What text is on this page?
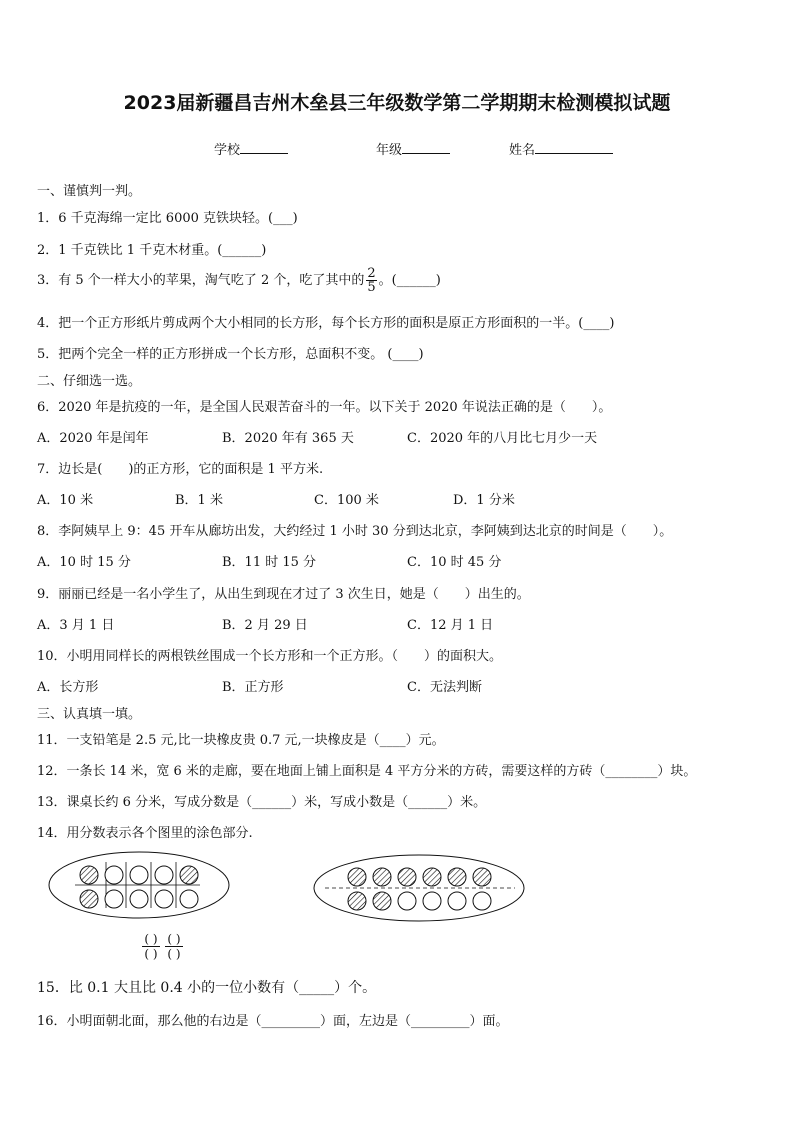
2023届新疆昌吉州木垒县三年级数学第二学期期末检测模拟试题
学校	年级	姓名
一、谨慎判一判。
1．6 千克海绵一定比 6000 克铁块轻。(___)
2．1 千克铁比 1 千克木材重。(______)
3．有 5 个一样大小的苹果，淘气吃了 2 个，吃了其中的 $\frac{2}{5}$ 。(______)
4．把一个正方形纸片剪成两个大小相同的长方形，每个长方形的面积是原正方形面积的一半。(____)
5．把两个完全一样的正方形拼成一个长方形，总面积不变。 (____)
二、仔细选一选。
6．2020 年是抗疫的一年，是全国人民艰苦奋斗的一年。以下关于 2020 年说法正确的是（　　）。
A．2020 年是闰年	B．2020 年有 365 天	C．2020 年的八月比七月少一天
7．边长是(　　)的正方形，它的面积是 1 平方米.
A．10 米	B．1 米	C．100 米	D．1 分米
8．李阿姨早上 9：45 开车从廊坊出发，大约经过 1 小时 30 分到达北京，李阿姨到达北京的时间是（　　）。
A．10 时 15 分	B．11 时 15 分	C．10 时 45 分
9．丽丽已经是一名小学生了，从出生到现在才过了 3 次生日，她是（　　）出生的。
A．3 月 1 日	B．2 月 29 日	C．12 月 1 日
10．小明用同样长的两根铁丝围成一个长方形和一个正方形。（　　）的面积大。
A．长方形	B．正方形	C．无法判断
三、认真填一填。
11．一支铅笔是 2.5 元,比一块橡皮贵 0.7 元,一块橡皮是（____）元。
12．一条长 14 米，宽 6 米的走廊，要在地面上铺上面积是 4 平方分米的方砖，需要这样的方砖（________）块。
13．课桌长约 6 分米，写成分数是（______）米，写成小数是（______）米。
14．用分数表示各个图里的涂色部分.
( )
( )
( )
( )
15．比 0.1 大且比 0.4 小的一位小数有（_____）个。
16．小明面朝北面，那么他的右边是（_________）面，左边是（_________）面。
